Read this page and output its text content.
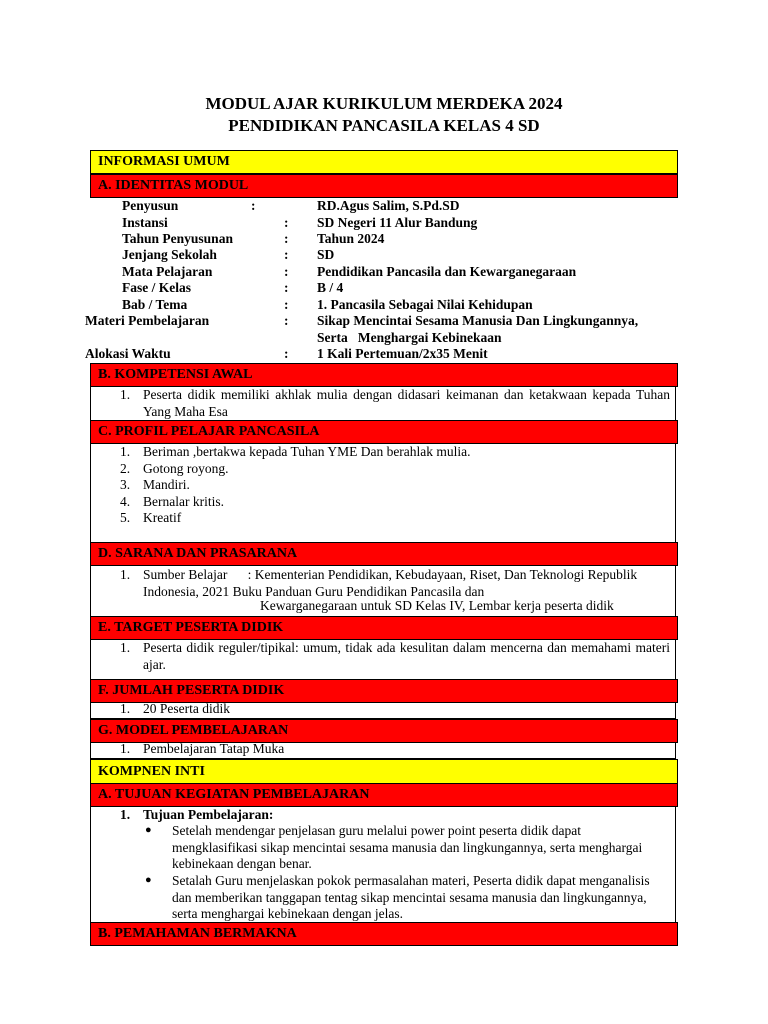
MODUL AJAR KURIKULUM MERDEKA 2024
PENDIDIKAN PANCASILA KELAS 4 SD
INFORMASI UMUM
A. IDENTITAS MODUL
Penyusun	:	RD.Agus Salim, S.Pd.SD
Instansi	: SD Negeri 11 Alur Bandung
Tahun Penyusunan	: Tahun 2024
Jenjang Sekolah	: SD
Mata Pelajaran	: Pendidikan Pancasila dan Kewarganegaraan
Fase / Kelas	: B / 4
Bab / Tema	: 1. Pancasila Sebagai Nilai Kehidupan
Materi Pembelajaran	: Sikap Mencintai Sesama Manusia Dan Lingkungannya,
Serta   Menghargai Kebinekaan
Alokasi Waktu	: 1 Kali Pertemuan/2x35 Menit
B. KOMPETENSI AWAL
1. Peserta didik memiliki akhlak mulia dengan didasari keimanan dan ketakwaan kepada Tuhan
Yang Maha Esa
C. PROFIL PELAJAR PANCASILA
1. Beriman ,bertakwa kepada Tuhan YME Dan berahlak mulia.
2. Gotong royong.
3. Mandiri.
4. Bernalar kritis.
5. Kreatif
D. SARANA DAN PRASARANA
1. Sumber Belajar      : Kementerian Pendidikan, Kebudayaan, Riset, Dan Teknologi Republik
Indonesia, 2021 Buku Panduan Guru Pendidikan Pancasila dan
Kewarganegaraan untuk SD Kelas IV, Lembar kerja peserta didik
E. TARGET PESERTA DIDIK
1. Peserta didik reguler/tipikal: umum, tidak ada kesulitan dalam mencerna dan memahami materi
ajar.
F. JUMLAH PESERTA DIDIK
1. 20 Peserta didik
G. MODEL PEMBELAJARAN
1. Pembelajaran Tatap Muka
KOMPNEN INTI
A. TUJUAN KEGIATAN PEMBELAJARAN
1. Tujuan Pembelajaran:
● Setelah mendengar penjelasan guru melalui power point peserta didik dapat
mengklasifikasi sikap mencintai sesama manusia dan lingkungannya, serta menghargai
kebinekaan dengan benar.
● Setalah Guru menjelaskan pokok permasalahan materi, Peserta didik dapat menganalisis
dan memberikan tanggapan tentag sikap mencintai sesama manusia dan lingkungannya,
serta menghargai kebinekaan dengan jelas.
B. PEMAHAMAN BERMAKNA
